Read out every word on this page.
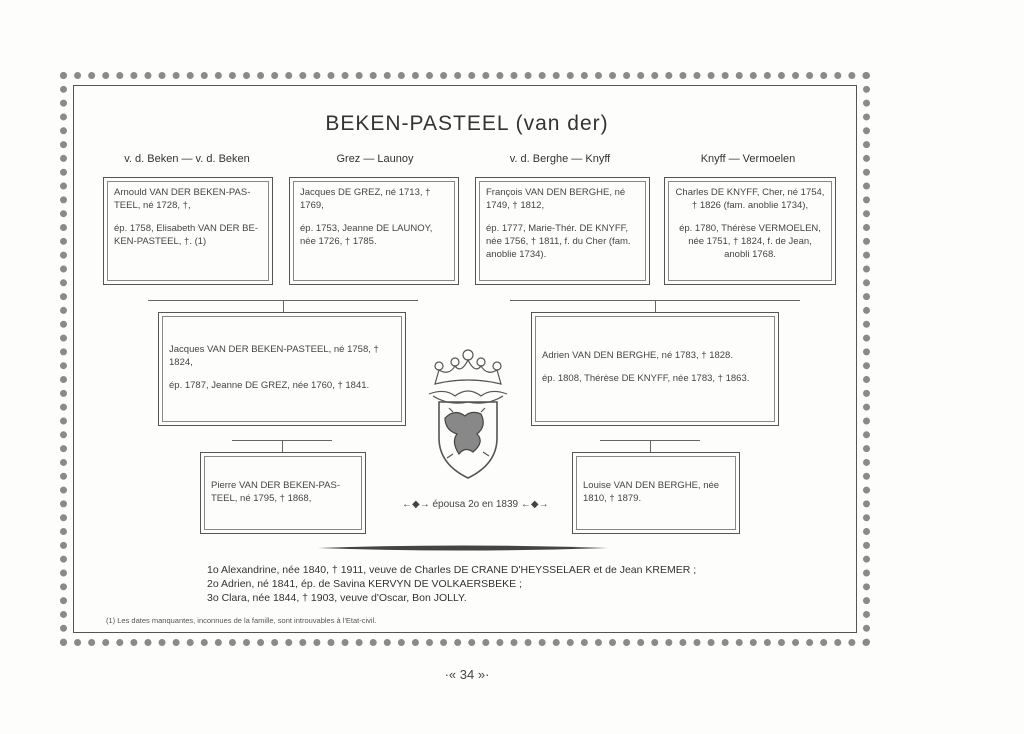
BEKEN-PASTEEL (van der)
v. d. Beken — v. d. Beken	Grez — Launoy	v. d. Berghe — Knyff	Knyff — Vermoelen

Arnould VAN DER BEKEN-PAS-TEEL, né 1728, †,

ép. 1758, Elisabeth VAN DER BE-KEN-PASTEEL, †. (1)

Jacques DE GREZ, né 1713, † 1769,

ép. 1753, Jeanne DE LAUNOY, née 1726, † 1785.

François VAN DEN BERGHE, né 1749, † 1812,

ép. 1777, Marie-Thér. DE KNYFF, née 1756, † 1811, f. du Cher (fam. anoblie 1734).

Charles DE KNYFF, Cher, né 1754, † 1826 (fam. anoblie 1734),

ép. 1780, Thérèse VERMOELEN, née 1751, † 1824, f. de Jean, anobli 1768.

Jacques VAN DER BEKEN-PASTEEL, né 1758, † 1824,

ép. 1787, Jeanne DE GREZ, née 1760, † 1841.

Adrien VAN DEN BERGHE, né 1783, † 1828.

ép. 1808, Thérèse DE KNYFF, née 1783, † 1863.

Pierre VAN DER BEKEN-PAS-TEEL, né 1795, † 1868,

Louise VAN DEN BERGHE, née 1810, † 1879.

←◆→ épousa 2o en 1839 ←◆→

1o Alexandrine, née 1840, † 1911, veuve de Charles DE CRANE D'HEYSSELAER et de Jean KREMER ;

2o Adrien, né 1841, ép. de Savina KERVYN DE VOLKAERSBEKE ;

3o Clara, née 1844, † 1903, veuve d'Oscar, Bon JOLLY.

(1) Les dates manquantes, inconnues de la famille, sont introuvables à l'Etat-civil.
·« 34 »·
